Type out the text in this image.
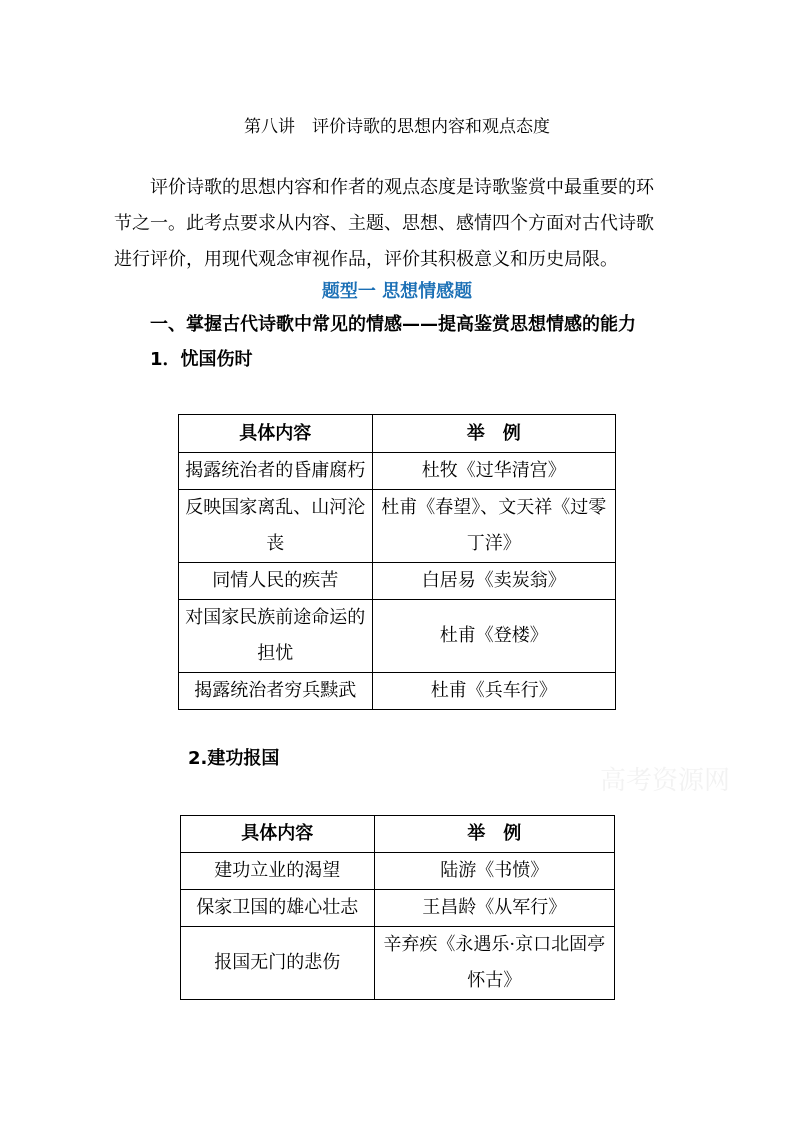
第八讲　评价诗歌的思想内容和观点态度
评价诗歌的思想内容和作者的观点态度是诗歌鉴赏中最重要的环
节之一。此考点要求从内容、主题、思想、感情四个方面对古代诗歌
进行评价，用现代观念审视作品，评价其积极意义和历史局限。
题型一 思想情感题
一、掌握古代诗歌中常见的情感——提高鉴赏思想情感的能力
1．忧国伤时
具体内容	举　例
揭露统治者的昏庸腐朽	杜牧《过华清宫》
反映国家离乱、山河沦丧	杜甫《春望》、文天祥《过零丁洋》
同情人民的疾苦	白居易《卖炭翁》
对国家民族前途命运的担忧	杜甫《登楼》
揭露统治者穷兵黩武	杜甫《兵车行》
2.建功报国
高考资源网
具体内容	举　例
建功立业的渴望	陆游《书愤》
保家卫国的雄心壮志	王昌龄《从军行》
报国无门的悲伤	辛弃疾《永遇乐·京口北固亭怀古》
